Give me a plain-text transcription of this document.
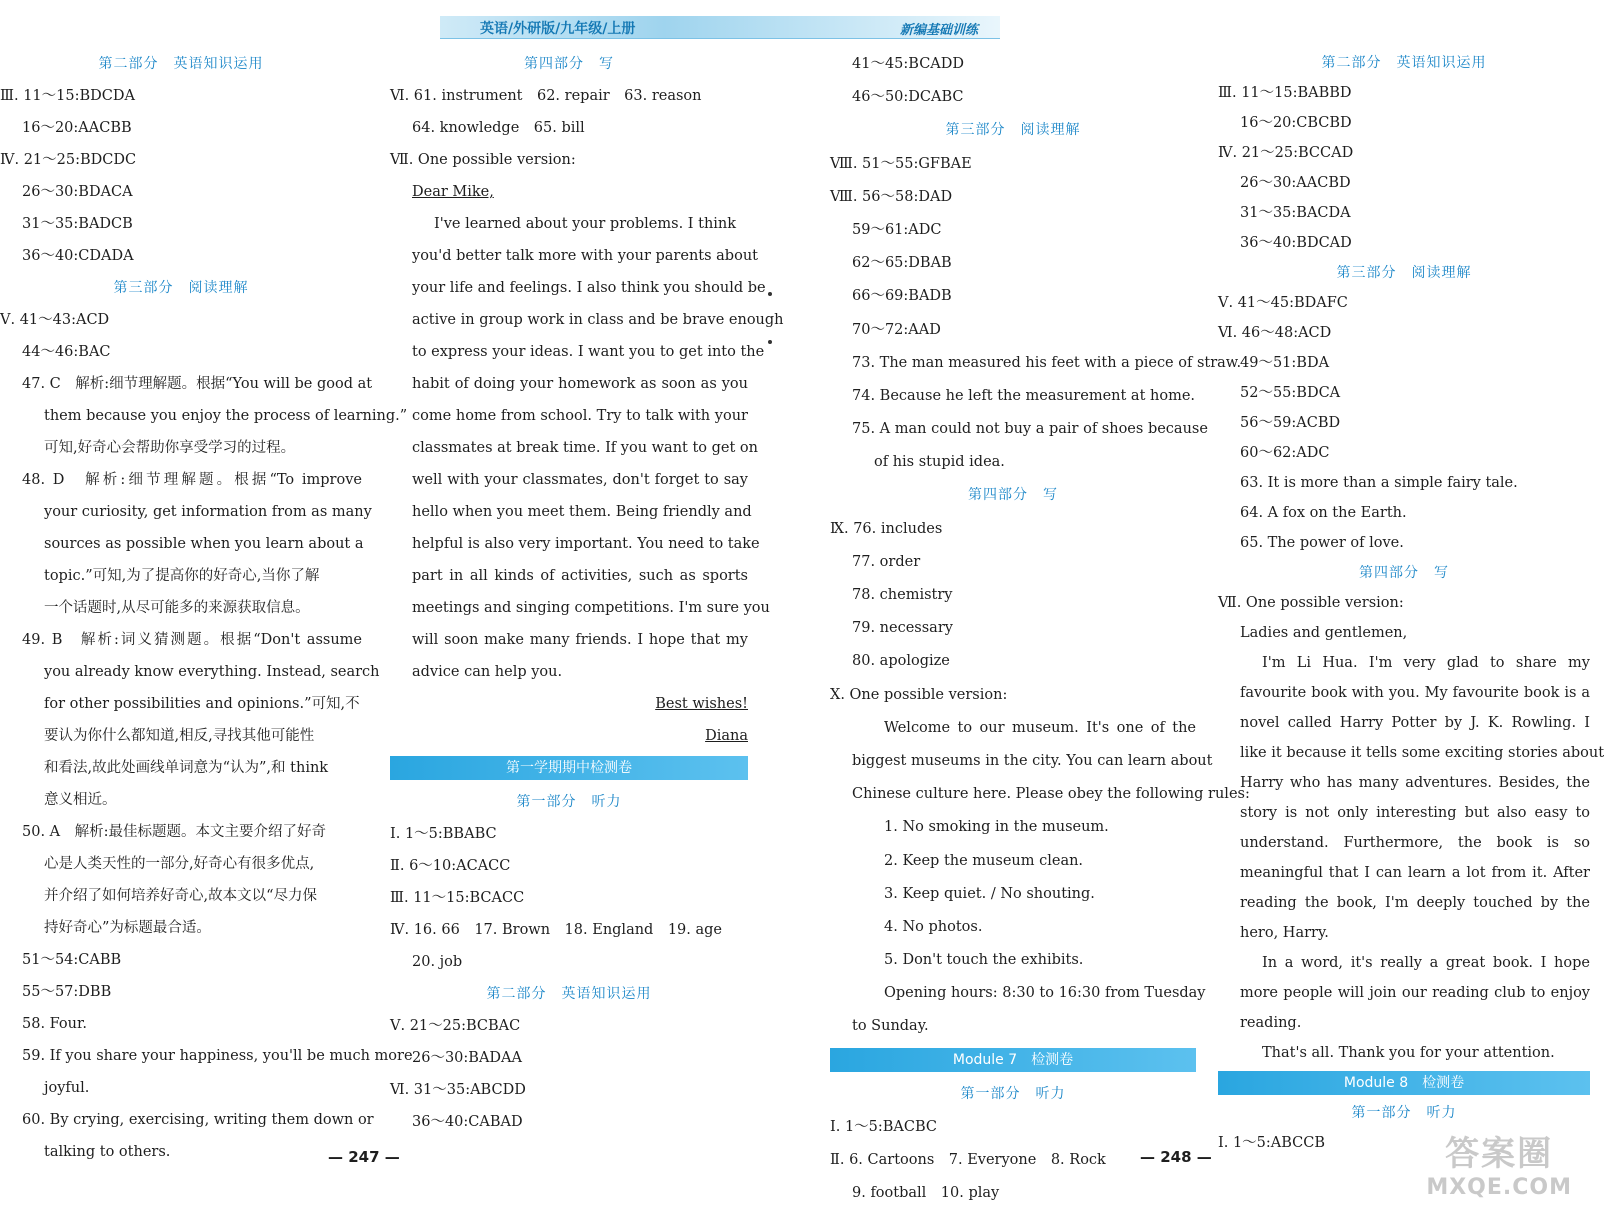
英语/外研版/九年级/上册	新编基础训练
第二部分　英语知识运用
Ⅲ. 11～15:BDCDA
16～20:AACBB
Ⅳ. 21～25:BDCDC
26～30:BDACA
31～35:BADCB
36～40:CDADA
第三部分　阅读理解
Ⅴ. 41～43:ACD
44～46:BAC
47. C　解析:细节理解题。根据“You will be good at
them because you enjoy the process of learning.”
可知,好奇心会帮助你享受学习的过程。
48. D　解析:细节理解题。根据“To improve
your curiosity, get information from as many
sources as possible when you learn about a
topic.”可知,为了提高你的好奇心,当你了解
一个话题时,从尽可能多的来源获取信息。
49. B　解析:词义猜测题。根据“Don't assume
you already know everything. Instead, search
for other possibilities and opinions.”可知,不
要认为你什么都知道,相反,寻找其他可能性
和看法,故此处画线单词意为“认为”,和 think
意义相近。
50. A　解析:最佳标题题。本文主要介绍了好奇
心是人类天性的一部分,好奇心有很多优点,
并介绍了如何培养好奇心,故本文以“尽力保
持好奇心”为标题最合适。
51～54:CABB
55～57:DBB
58. Four.
59. If you share your happiness, you'll be much more
joyful.
60. By crying, exercising, writing them down or
talking to others.
第四部分　写
Ⅵ. 61. instrument　62. repair　63. reason
64. knowledge　65. bill
Ⅶ. One possible version:
Dear Mike,
I've learned about your problems. I think
you'd better talk more with your parents about
your life and feelings. I also think you should be
active in group work in class and be brave enough
to express your ideas. I want you to get into the
habit of doing your homework as soon as you
come home from school. Try to talk with your
classmates at break time. If you want to get on
well with your classmates, don't forget to say
hello when you meet them. Being friendly and
helpful is also very important. You need to take
part in all kinds of activities, such as sports
meetings and singing competitions. I'm sure you
will soon make many friends. I hope that my
advice can help you.
Best wishes!
Diana
第一学期期中检测卷
第一部分　听力
Ⅰ. 1～5:BBABC
Ⅱ. 6～10:ACACC
Ⅲ. 11～15:BCACC
Ⅳ. 16. 66　17. Brown　18. England　19. age
20. job
第二部分　英语知识运用
Ⅴ. 21～25:BCBAC
26～30:BADAA
Ⅵ. 31～35:ABCDD
36～40:CABAD
41～45:BCADD
46～50:DCABC
第三部分　阅读理解
Ⅷ. 51～55:GFBAE
Ⅷ. 56～58:DAD
59～61:ADC
62～65:DBAB
66～69:BADB
70～72:AAD
73. The man measured his feet with a piece of straw.
74. Because he left the measurement at home.
75. A man could not buy a pair of shoes because
of his stupid idea.
第四部分　写
Ⅸ. 76. includes
77. order
78. chemistry
79. necessary
80. apologize
Ⅹ. One possible version:
Welcome to our museum. It's one of the
biggest museums in the city. You can learn about
Chinese culture here. Please obey the following rules:
1. No smoking in the museum.
2. Keep the museum clean.
3. Keep quiet. / No shouting.
4. No photos.
5. Don't touch the exhibits.
Opening hours: 8:30 to 16:30 from Tuesday
to Sunday.
Module 7　检测卷
第一部分　听力
Ⅰ. 1～5:BACBC
Ⅱ. 6. Cartoons　7. Everyone　8. Rock
9. football　10. play
第二部分　英语知识运用
Ⅲ. 11～15:BABBD
16～20:CBCBD
Ⅳ. 21～25:BCCAD
26～30:AACBD
31～35:BACDA
36～40:BDCAD
第三部分　阅读理解
Ⅴ. 41～45:BDAFC
Ⅵ. 46～48:ACD
49～51:BDA
52～55:BDCA
56～59:ACBD
60～62:ADC
63. It is more than a simple fairy tale.
64. A fox on the Earth.
65. The power of love.
第四部分　写
Ⅶ. One possible version:
Ladies and gentlemen,
I'm Li Hua. I'm very glad to share my
favourite book with you. My favourite book is a
novel called Harry Potter by J. K. Rowling. I
like it because it tells some exciting stories about
Harry who has many adventures. Besides, the
story is not only interesting but also easy to
understand. Furthermore, the book is so
meaningful that I can learn a lot from it. After
reading the book, I'm deeply touched by the
hero, Harry.
In a word, it's really a great book. I hope
more people will join our reading club to enjoy
reading.
That's all. Thank you for your attention.
Module 8　检测卷
第一部分　听力
Ⅰ. 1～5:ABCCB
— 247 —	— 248 —	答案圈
MXQE.COM
